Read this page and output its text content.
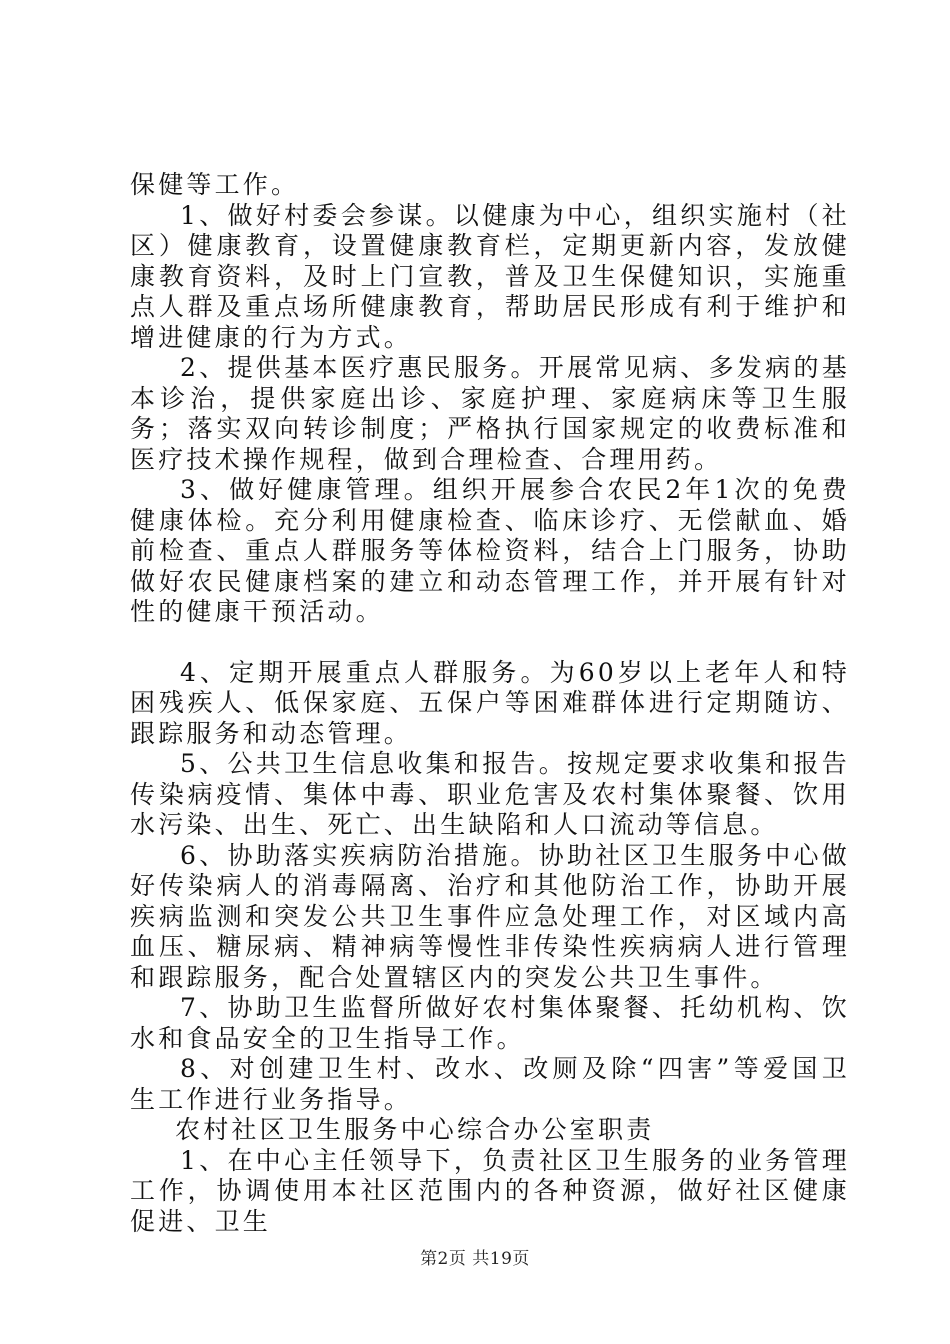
保健等工作。

1、做好村委会参谋。以健康为中心，组织实施村（社区）健康教育，设置健康教育栏，定期更新内容，发放健康教育资料，及时上门宣教，普及卫生保健知识，实施重点人群及重点场所健康教育，帮助居民形成有利于维护和增进健康的行为方式。

2、提供基本医疗惠民服务。开展常见病、多发病的基本诊治，提供家庭出诊、家庭护理、家庭病床等卫生服务；落实双向转诊制度；严格执行国家规定的收费标准和医疗技术操作规程，做到合理检查、合理用药。

3、做好健康管理。组织开展参合农民2年1次的免费健康体检。充分利用健康检查、临床诊疗、无偿献血、婚前检查、重点人群服务等体检资料，结合上门服务，协助做好农民健康档案的建立和动态管理工作，并开展有针对性的健康干预活动。

4、定期开展重点人群服务。为60岁以上老年人和特困残疾人、低保家庭、五保户等困难群体进行定期随访、跟踪服务和动态管理。

5、公共卫生信息收集和报告。按规定要求收集和报告传染病疫情、集体中毒、职业危害及农村集体聚餐、饮用水污染、出生、死亡、出生缺陷和人口流动等信息。

6、协助落实疾病防治措施。协助社区卫生服务中心做好传染病人的消毒隔离、治疗和其他防治工作，协助开展疾病监测和突发公共卫生事件应急处理工作，对区域内高血压、糖尿病、精神病等慢性非传染性疾病病人进行管理和跟踪服务，配合处置辖区内的突发公共卫生事件。

7、协助卫生监督所做好农村集体聚餐、托幼机构、饮水和食品安全的卫生指导工作。

8、对创建卫生村、改水、改厕及除“四害”等爱国卫生工作进行业务指导。

农村社区卫生服务中心综合办公室职责

1、在中心主任领导下，负责社区卫生服务的业务管理工作，协调使用本社区范围内的各种资源，做好社区健康促进、卫生

第2页 共19页
